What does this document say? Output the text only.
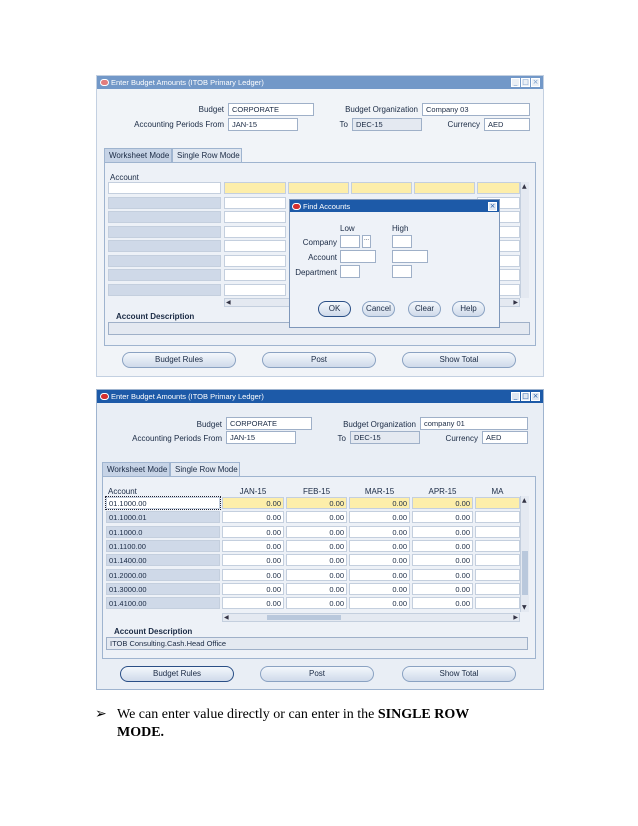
Enter Budget Amounts (ITOB Primary Ledger)	_ □ ×
Budget	CORPORATE	Budget Organization	Company 03
Accounting Periods From	JAN-15	To	DEC-15	Currency	AED
Worksheet Mode Single Row Mode
Account
▲
◀	▶
Account Description
Budget Rules	Post	Show Total
Find Accounts	×
Low	High
Company	...
Account
Department
OK	Cancel	Clear	Help
Enter Budget Amounts (ITOB Primary Ledger)	_ □ ×
Budget	CORPORATE	Budget Organization	company 01
Accounting Periods From	JAN-15	To	DEC-15	Currency	AED
Worksheet Mode Single Row Mode
Account	JAN-15	FEB-15	MAR-15	APR-15	MA
01.1000.00	0.00	0.00	0.00	0.00
01.1000.01	0.00	0.00	0.00	0.00
01.1000.0	0.00	0.00	0.00	0.00
01.1100.00	0.00	0.00	0.00	0.00
01.1400.00	0.00	0.00	0.00	0.00
01.2000.00	0.00	0.00	0.00	0.00
01.3000.00	0.00	0.00	0.00	0.00
01.4100.00	0.00	0.00	0.00	0.00
▲
▼
◀	▶
Account Description
ITOB Consulting.Cash.Head Office
Budget Rules	Post	Show Total
➢ We can enter value directly or can enter in the SINGLE ROW MODE.
